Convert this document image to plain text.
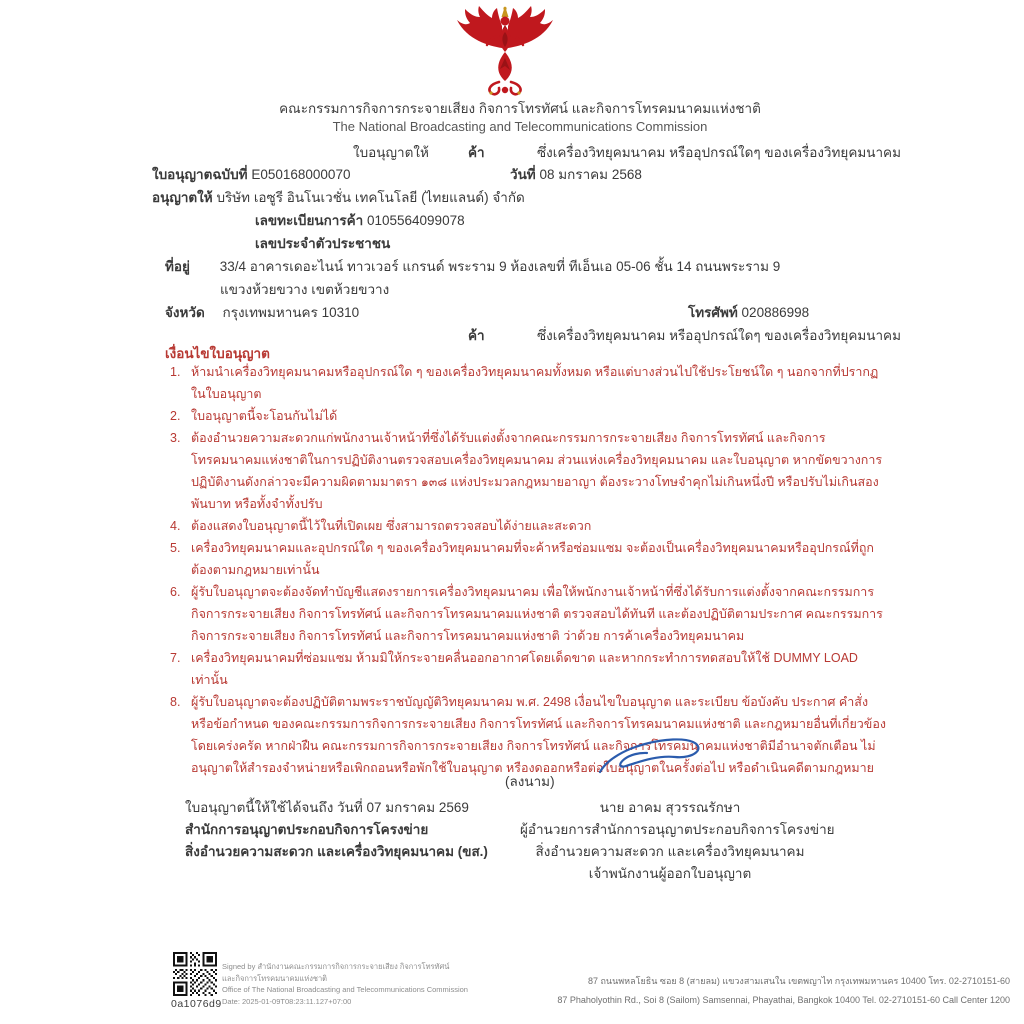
คณะกรรมการกิจการกระจายเสียง กิจการโทรทัศน์ และกิจการโทรคมนาคมแห่งชาติ
The National Broadcasting and Telecommunications Commission
ใบอนุญาตให้	ค้า	ซึ่งเครื่องวิทยุคมนาคม หรืออุปกรณ์ใดๆ ของเครื่องวิทยุคมนาคม
ใบอนุญาตฉบับที่ E050168000070	วันที่ 08 มกราคม 2568
อนุญาตให้ บริษัท เอซูรี อินโนเวชั่น เทคโนโลยี (ไทยแลนด์) จำกัด
เลขทะเบียนการค้า 0105564099078
เลขประจำตัวประชาชน
ที่อยู่ 33/4 อาคารเดอะไนน์ ทาวเวอร์ แกรนด์ พระราม 9 ห้องเลขที่ ทีเอ็นเอ 05-06 ชั้น 14 ถนนพระราม 9
แขวงห้วยขวาง เขตห้วยขวาง
จังหวัด กรุงเทพมหานคร 10310	โทรศัพท์ 020886998
ค้า	ซึ่งเครื่องวิทยุคมนาคม หรืออุปกรณ์ใดๆ ของเครื่องวิทยุคมนาคม
เงื่อนไขใบอนุญาต
ห้ามนำเครื่องวิทยุคมนาคมหรืออุปกรณ์ใด ๆ ของเครื่องวิทยุคมนาคมทั้งหมด หรือแต่บางส่วนไปใช้ประโยชน์ใด ๆ นอกจากที่ปรากฏในใบอนุญาต
ใบอนุญาตนี้จะโอนกันไม่ได้
ต้องอำนวยความสะดวกแก่พนักงานเจ้าหน้าที่ซึ่งได้รับแต่งตั้งจากคณะกรรมการกระจายเสียง กิจการโทรทัศน์ และกิจการโทรคมนาคมแห่งชาติในการปฏิบัติงานตรวจสอบเครื่องวิทยุคมนาคม ส่วนแห่งเครื่องวิทยุคมนาคม และใบอนุญาต หากขัดขวางการปฏิบัติงานดังกล่าวจะมีความผิดตามมาตรา ๑๓๘ แห่งประมวลกฎหมายอาญา ต้องระวางโทษจำคุกไม่เกินหนึ่งปี หรือปรับไม่เกินสองพันบาท หรือทั้งจำทั้งปรับ
ต้องแสดงใบอนุญาตนี้ไว้ในที่เปิดเผย ซึ่งสามารถตรวจสอบได้ง่ายและสะดวก
เครื่องวิทยุคมนาคมและอุปกรณ์ใด ๆ ของเครื่องวิทยุคมนาคมที่จะค้าหรือซ่อมแซม จะต้องเป็นเครื่องวิทยุคมนาคมหรืออุปกรณ์ที่ถูกต้องตามกฎหมายเท่านั้น
ผู้รับใบอนุญาตจะต้องจัดทำบัญชีแสดงรายการเครื่องวิทยุคมนาคม เพื่อให้พนักงานเจ้าหน้าที่ซึ่งได้รับการแต่งตั้งจากคณะกรรมการกิจการกระจายเสียง กิจการโทรทัศน์ และกิจการโทรคมนาคมแห่งชาติ ตรวจสอบได้ทันที และต้องปฏิบัติตามประกาศ คณะกรรมการกิจการกระจายเสียง กิจการโทรทัศน์ และกิจการโทรคมนาคมแห่งชาติ ว่าด้วย การค้าเครื่องวิทยุคมนาคม
เครื่องวิทยุคมนาคมที่ซ่อมแซม ห้ามมิให้กระจายคลื่นออกอากาศโดยเด็ดขาด และหากกระทำการทดสอบให้ใช้ DUMMY LOAD เท่านั้น
ผู้รับใบอนุญาตจะต้องปฏิบัติตามพระราชบัญญัติวิทยุคมนาคม พ.ศ. 2498 เงื่อนไขใบอนุญาต และระเบียบ ข้อบังคับ ประกาศ คำสั่ง หรือข้อกำหนด ของคณะกรรมการกิจการกระจายเสียง กิจการโทรทัศน์ และกิจการโทรคมนาคมแห่งชาติ และกฎหมายอื่นที่เกี่ยวข้องโดยเคร่งครัด หากฝ่าฝืน คณะกรรมการกิจการกระจายเสียง กิจการโทรทัศน์ และกิจการโทรคมนาคมแห่งชาติมีอำนาจตักเตือน ไม่อนุญาตให้สำรองจำหน่ายหรือเพิกถอนหรือพักใช้ใบอนุญาต หรืองดออกหรือต่อใบอนุญาตในครั้งต่อไป หรือดำเนินคดีตามกฎหมาย
(ลงนาม)
ใบอนุญาตนี้ให้ใช้ได้จนถึง วันที่ 07 มกราคม 2569	นาย อาคม สุวรรณรักษา
สำนักการอนุญาตประกอบกิจการโครงข่าย	ผู้อำนวยการสำนักการอนุญาตประกอบกิจการโครงข่าย
สิ่งอำนวยความสะดวก และเครื่องวิทยุคมนาคม (ขส.)	สิ่งอำนวยความสะดวก และเครื่องวิทยุคมนาคม
เจ้าพนักงานผู้ออกใบอนุญาต
0a1076d9
Signed by สำนักงานคณะกรรมการกิจการกระจายเสียง กิจการโทรทัศน์
และกิจการโทรคมนาคมแห่งชาติ
Office of The National Broadcasting and Telecommunications Commission
Date: 2025-01-09T08:23:11.127+07:00
87 ถนนพหลโยธิน ซอย 8 (สายลม) แขวงสามเสนใน เขตพญาไท กรุงเทพมหานคร 10400 โทร. 02-2710151-60
87 Phaholyothin Rd., Soi 8 (Sailom) Samsennai, Phayathai, Bangkok 10400 Tel. 02-2710151-60 Call Center 1200
